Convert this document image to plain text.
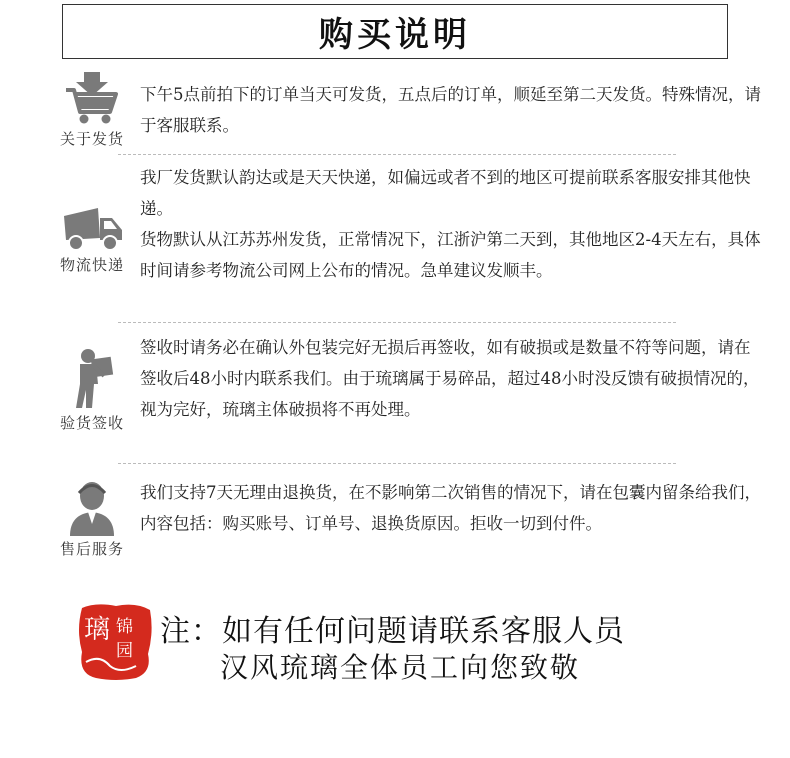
购买说明
关于发货

下午5点前拍下的订单当天可发货，五点后的订单，顺延至第二天发货。特殊情况，请于客服联系。

物流快递

我厂发货默认韵达或是天天快递，如偏远或者不到的地区可提前联系客服安排其他快递。

货物默认从江苏苏州发货，正常情况下，江浙沪第二天到，其他地区2-4天左右，具体时间请参考物流公司网上公布的情况。急单建议发顺丰。

验货签收

签收时请务必在确认外包装完好无损后再签收，如有破损或是数量不符等问题，请在签收后48小时内联系我们。由于琉璃属于易碎品，超过48小时没反馈有破损情况的，视为完好，琉璃主体破损将不再处理。

售后服务

我们支持7天无理由退换货，在不影响第二次销售的情况下，请在包囊内留条给我们，内容包括：购买账号、订单号、退换货原因。拒收一切到付件。

璃 锦
园
注：如有任何问题请联系客服人员
汉风琉璃全体员工向您致敬
